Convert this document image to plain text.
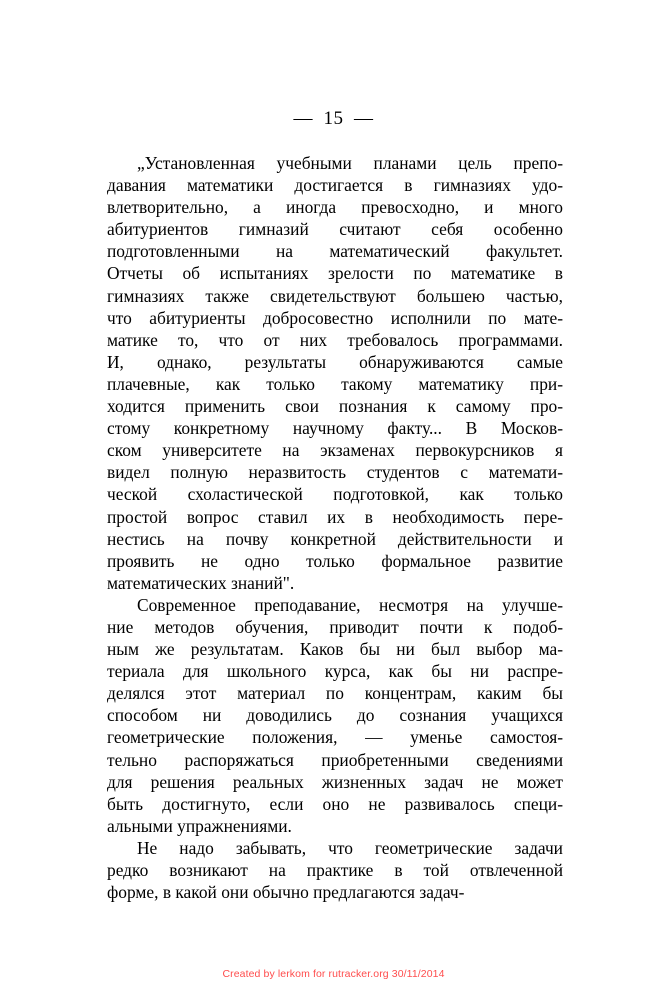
—  15  —

„Установленная учебными планами цель препо-
давания математики достигается в гимназиях удо-
влетворительно, а иногда превосходно, и много
абитуриентов гимназий считают себя особенно
подготовленными на математический факультет.
Отчеты об испытаниях зрелости по математике в
гимназиях также свидетельствуют большею частью,
что абитуриенты добросовестно исполнили по мате-
матике то, что от них требовалось программами.
И, однако, результаты обнаруживаются самые
плачевные, как только такому математику при-
ходится применить свои познания к самому про-
стому конкретному научному факту... В Москов-
ском университете на экзаменах первокурсников я
видел полную неразвитость студентов с математи-
ческой схоластической подготовкой, как только
простой вопрос ставил их в необходимость пере-
нестись на почву конкретной действительности и
проявить не одно только формальное развитие
математических знаний".

Современное преподавание, несмотря на улучше-
ние методов обучения, приводит почти к подоб-
ным же результатам. Каков бы ни был выбор ма-
териала для школьного курса, как бы ни распре-
делялся этот материал по концентрам, каким бы
способом ни доводились до сознания учащихся
геометрические положения, — уменье самостоя-
тельно распоряжаться приобретенными сведениями
для решения реальных жизненных задач не может
быть достигнуто, если оно не развивалось специ-
альными упражнениями.

Не надо забывать, что геометрические задачи
редко возникают на практике в той отвлеченной
форме, в какой они обычно предлагаются задач-

Created by lerkom for rutracker.org 30/11/2014
